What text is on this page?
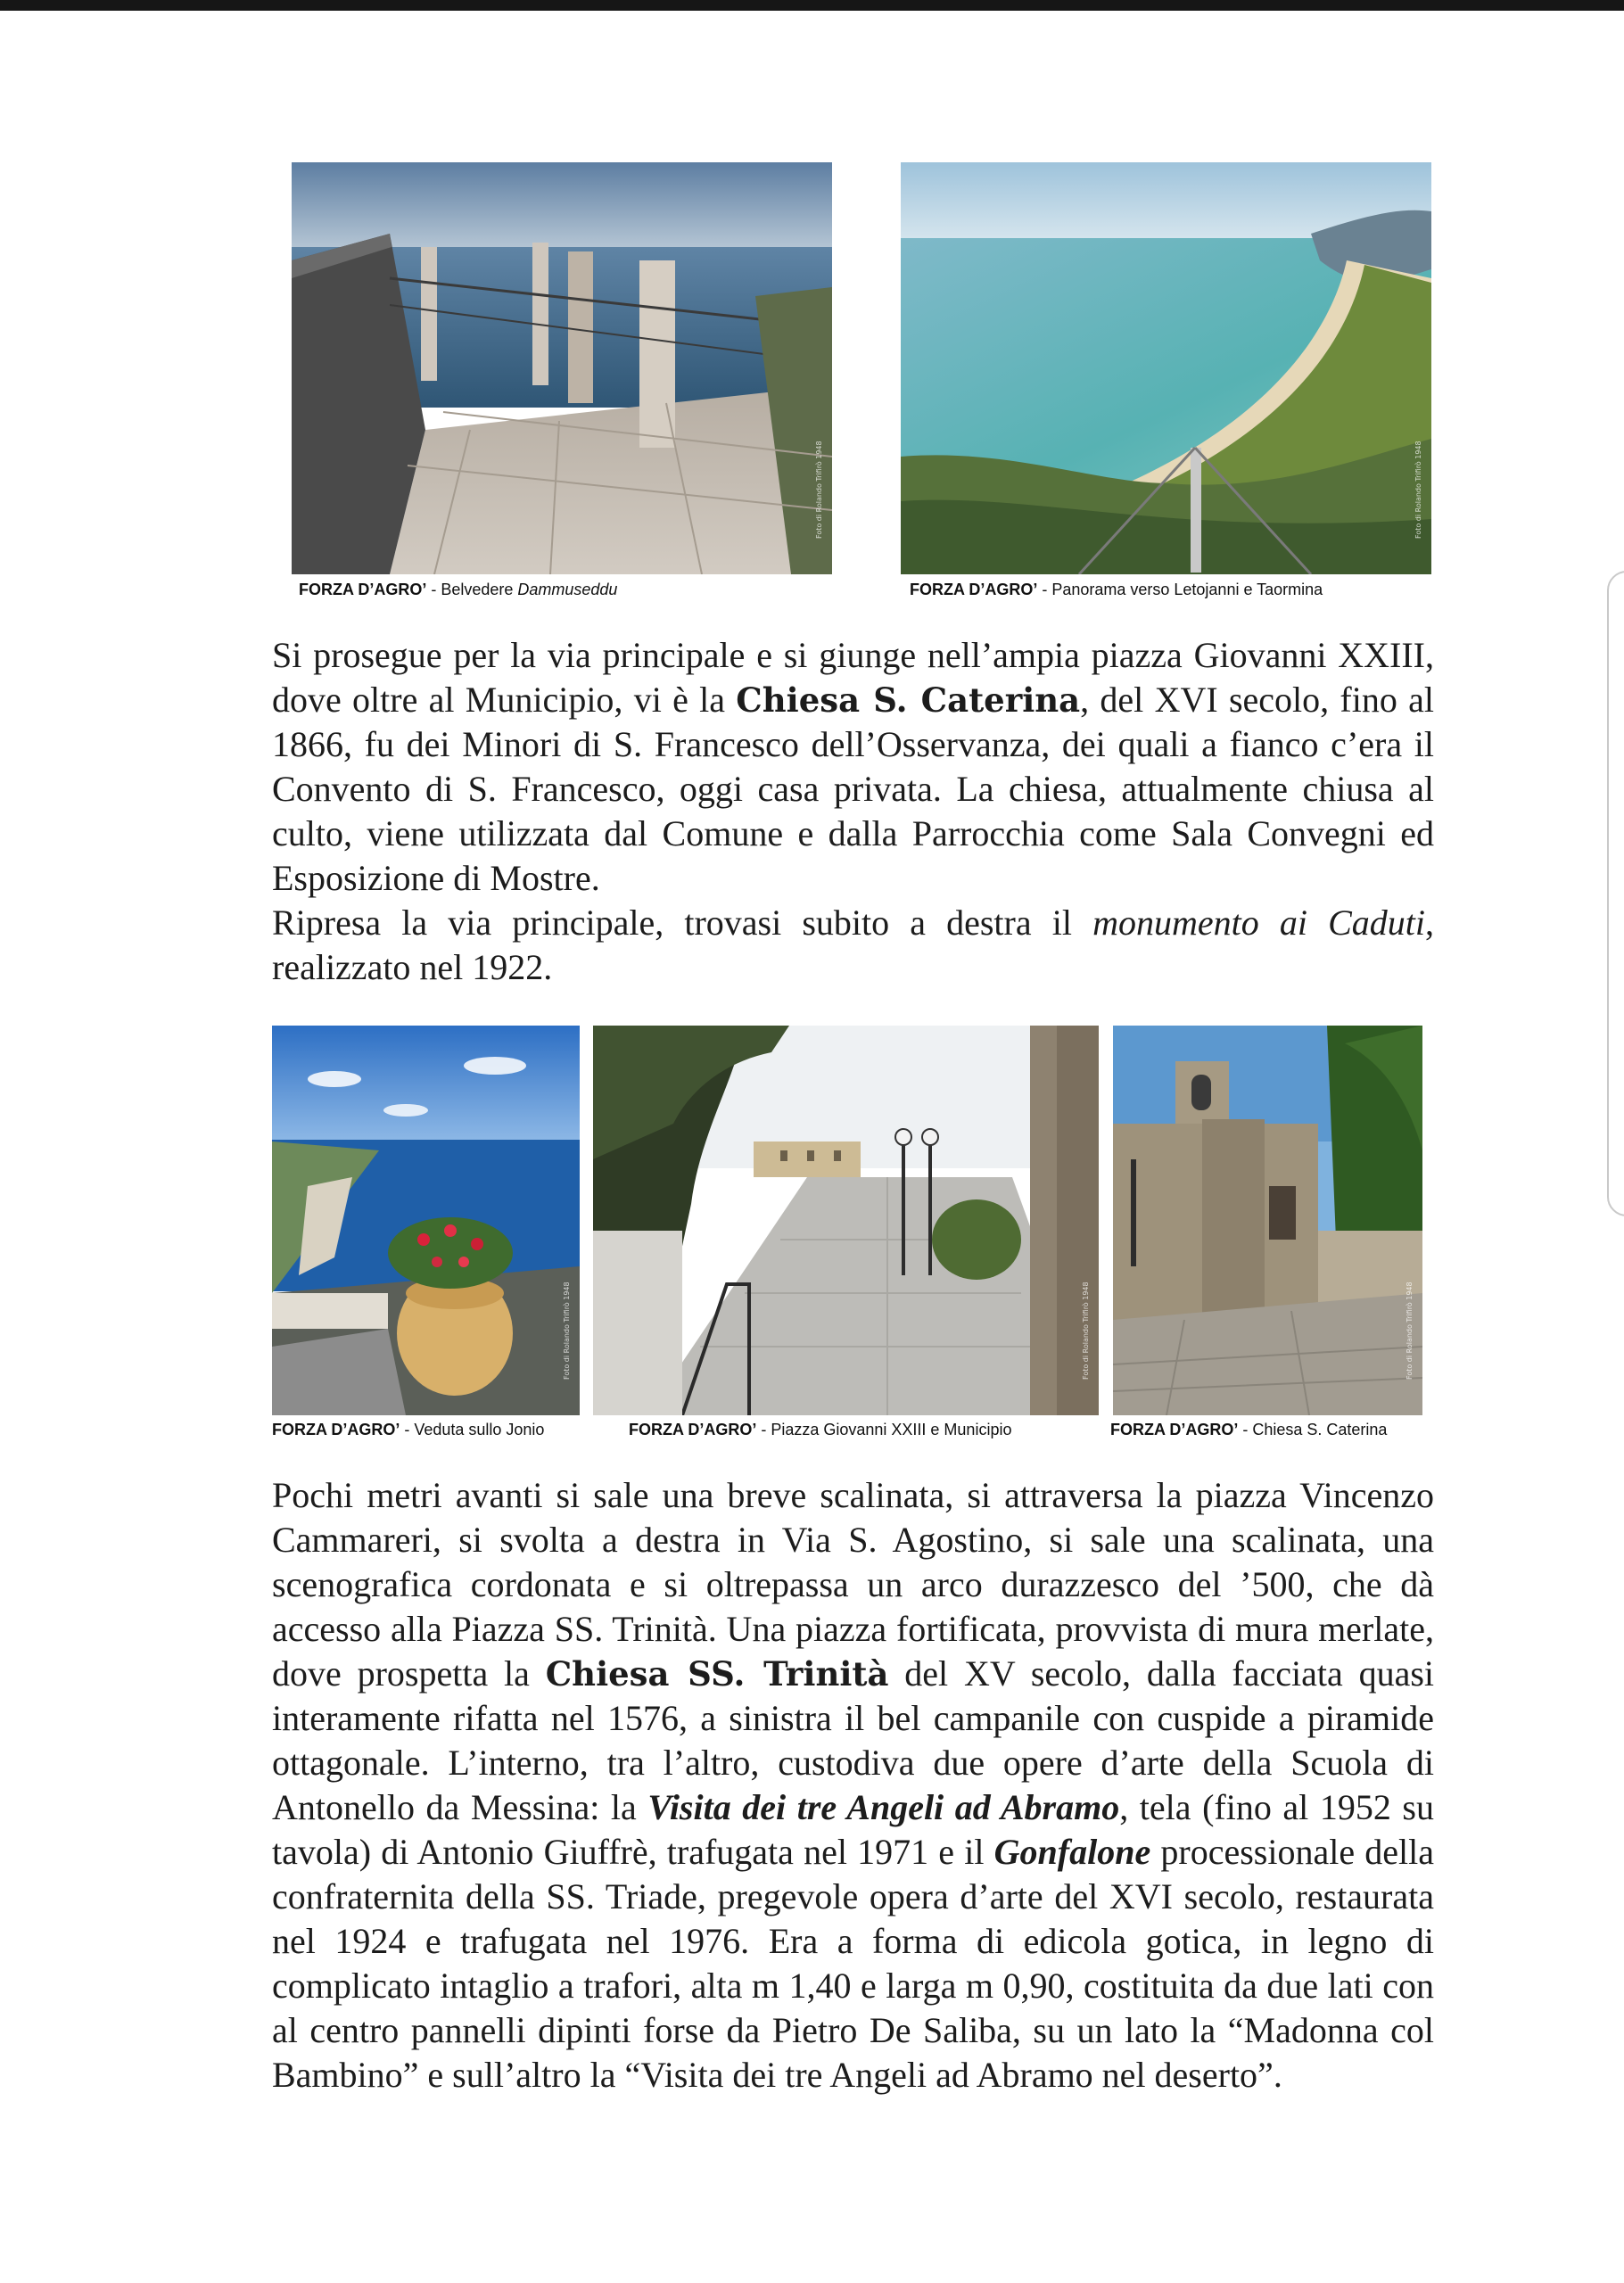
Foto di Rolando Trifirò 1948
FORZA D’AGRO’ - Belvedere Dammuseddu
Foto di Rolando Trifirò 1948
FORZA D’AGRO’ - Panorama verso Letojanni e Taormina

Si prosegue per la via principale e si giunge nell’ampia piazza Giovanni XXIII, dove oltre al Municipio, vi è la Chiesa S. Caterina, del XVI secolo, fino al 1866, fu dei Minori di S. Francesco dell’Osservanza, dei quali a fianco c’era il Convento di S. Francesco, oggi casa privata. La chiesa, attualmente chiusa al culto, viene utilizzata dal Comune e dalla Parrocchia come Sala Convegni ed Esposizione di Mostre.

Ripresa la via principale, trovasi subito a destra il monumento ai Caduti, realizzato nel 1922.

Foto di Rolando Trifirò 1948
FORZA D’AGRO’ - Veduta sullo Jonio
Foto di Rolando Trifirò 1948
FORZA D’AGRO’ - Piazza Giovanni XXIII e Municipio
Foto di Rolando Trifirò 1948
FORZA D’AGRO’ - Chiesa S. Caterina

Pochi metri avanti si sale una breve scalinata, si attraversa la piazza Vincenzo Cammareri, si svolta a destra in Via S. Agostino, si sale una scalinata, una scenografica cordonata e si oltrepassa un arco durazzesco del ’500, che dà accesso alla Piazza SS. Trinità. Una piazza fortificata, provvista di mura merlate, dove prospetta la Chiesa SS. Trinità del XV secolo, dalla facciata quasi interamente rifatta nel 1576, a sinistra il bel campanile con cuspide a piramide ottagonale. L’interno, tra l’altro, custodiva due opere d’arte della Scuola di Antonello da Messina: la Visita dei tre Angeli ad Abramo, tela (fino al 1952 su tavola) di Antonio Giuffrè, trafugata nel 1971 e il Gonfalone processionale della confraternita della SS. Triade, pregevole opera d’arte del XVI secolo, restaurata nel 1924 e trafugata nel 1976. Era a forma di edicola gotica, in legno di complicato intaglio a trafori, alta m 1,40 e larga m 0,90, costituita da due lati con al centro pannelli dipinti forse da Pietro De Saliba, su un lato la “Madonna col Bambino” e sull’altro la “Visita dei tre Angeli ad Abramo nel deserto”.
